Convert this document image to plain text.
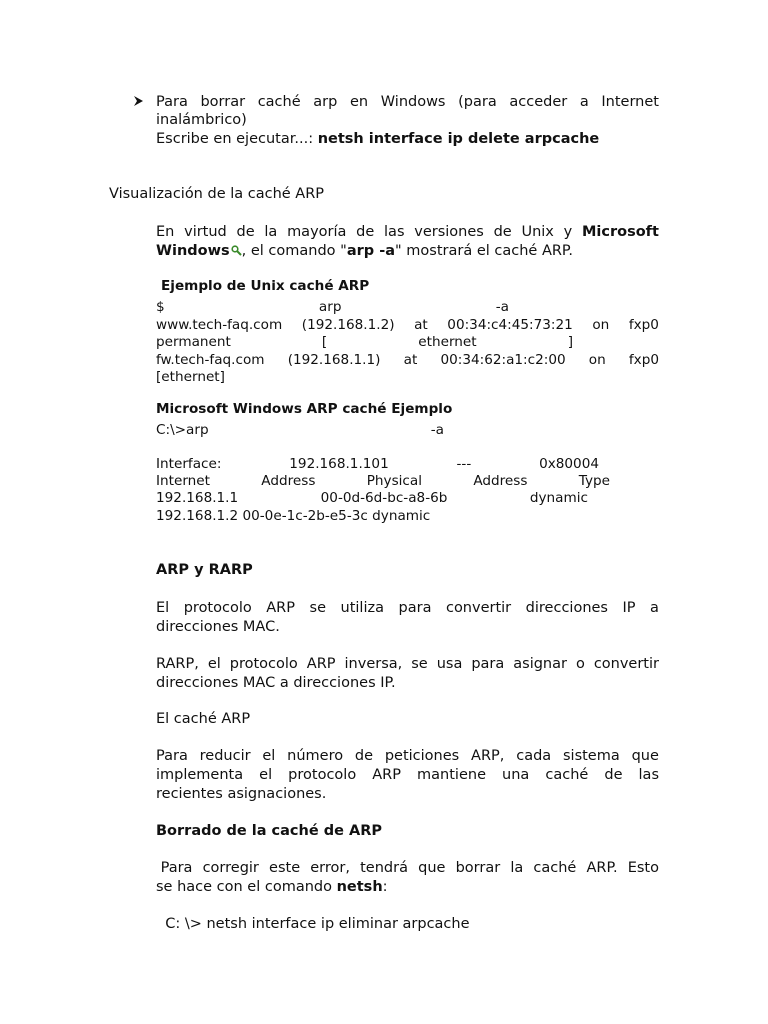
Para borrar caché arp en Windows (para acceder a Internet
inalámbrico)
Escribe en ejecutar...: netsh interface ip delete arpcache
Visualización de la caché ARP
En virtud de la mayoría de las versiones de Unix y Microsoft
Windows , el comando "arp -a" mostrará el caché ARP.
Ejemplo de Unix caché ARP
$	arp	-a
www.tech-faq.com (192.168.1.2) at 00:34:c4:45:73:21 on fxp0
permanent	[	ethernet	]
fw.tech-faq.com (192.168.1.1) at 00:34:62:a1:c2:00 on fxp0
[ethernet]
Microsoft Windows ARP caché Ejemplo
C:\>arp	-a
Interface:	192.168.1.101	---	0x80004
Internet	Address	Physical	Address	Type
192.168.1.1	00-0d-6d-bc-a8-6b	dynamic
192.168.1.2 00-0e-1c-2b-e5-3c dynamic
ARP y RARP
El protocolo ARP se utiliza para convertir direcciones IP a
direcciones MAC.
RARP, el protocolo ARP inversa, se usa para asignar o convertir
direcciones MAC a direcciones IP.
El caché ARP
Para reducir el número de peticiones ARP, cada sistema que
implementa el protocolo ARP mantiene una caché de las
recientes asignaciones.
Borrado de la caché de ARP
Para corregir este error, tendrá que borrar la caché ARP. Esto
se hace con el comando netsh:
C: \> netsh interface ip eliminar arpcache
